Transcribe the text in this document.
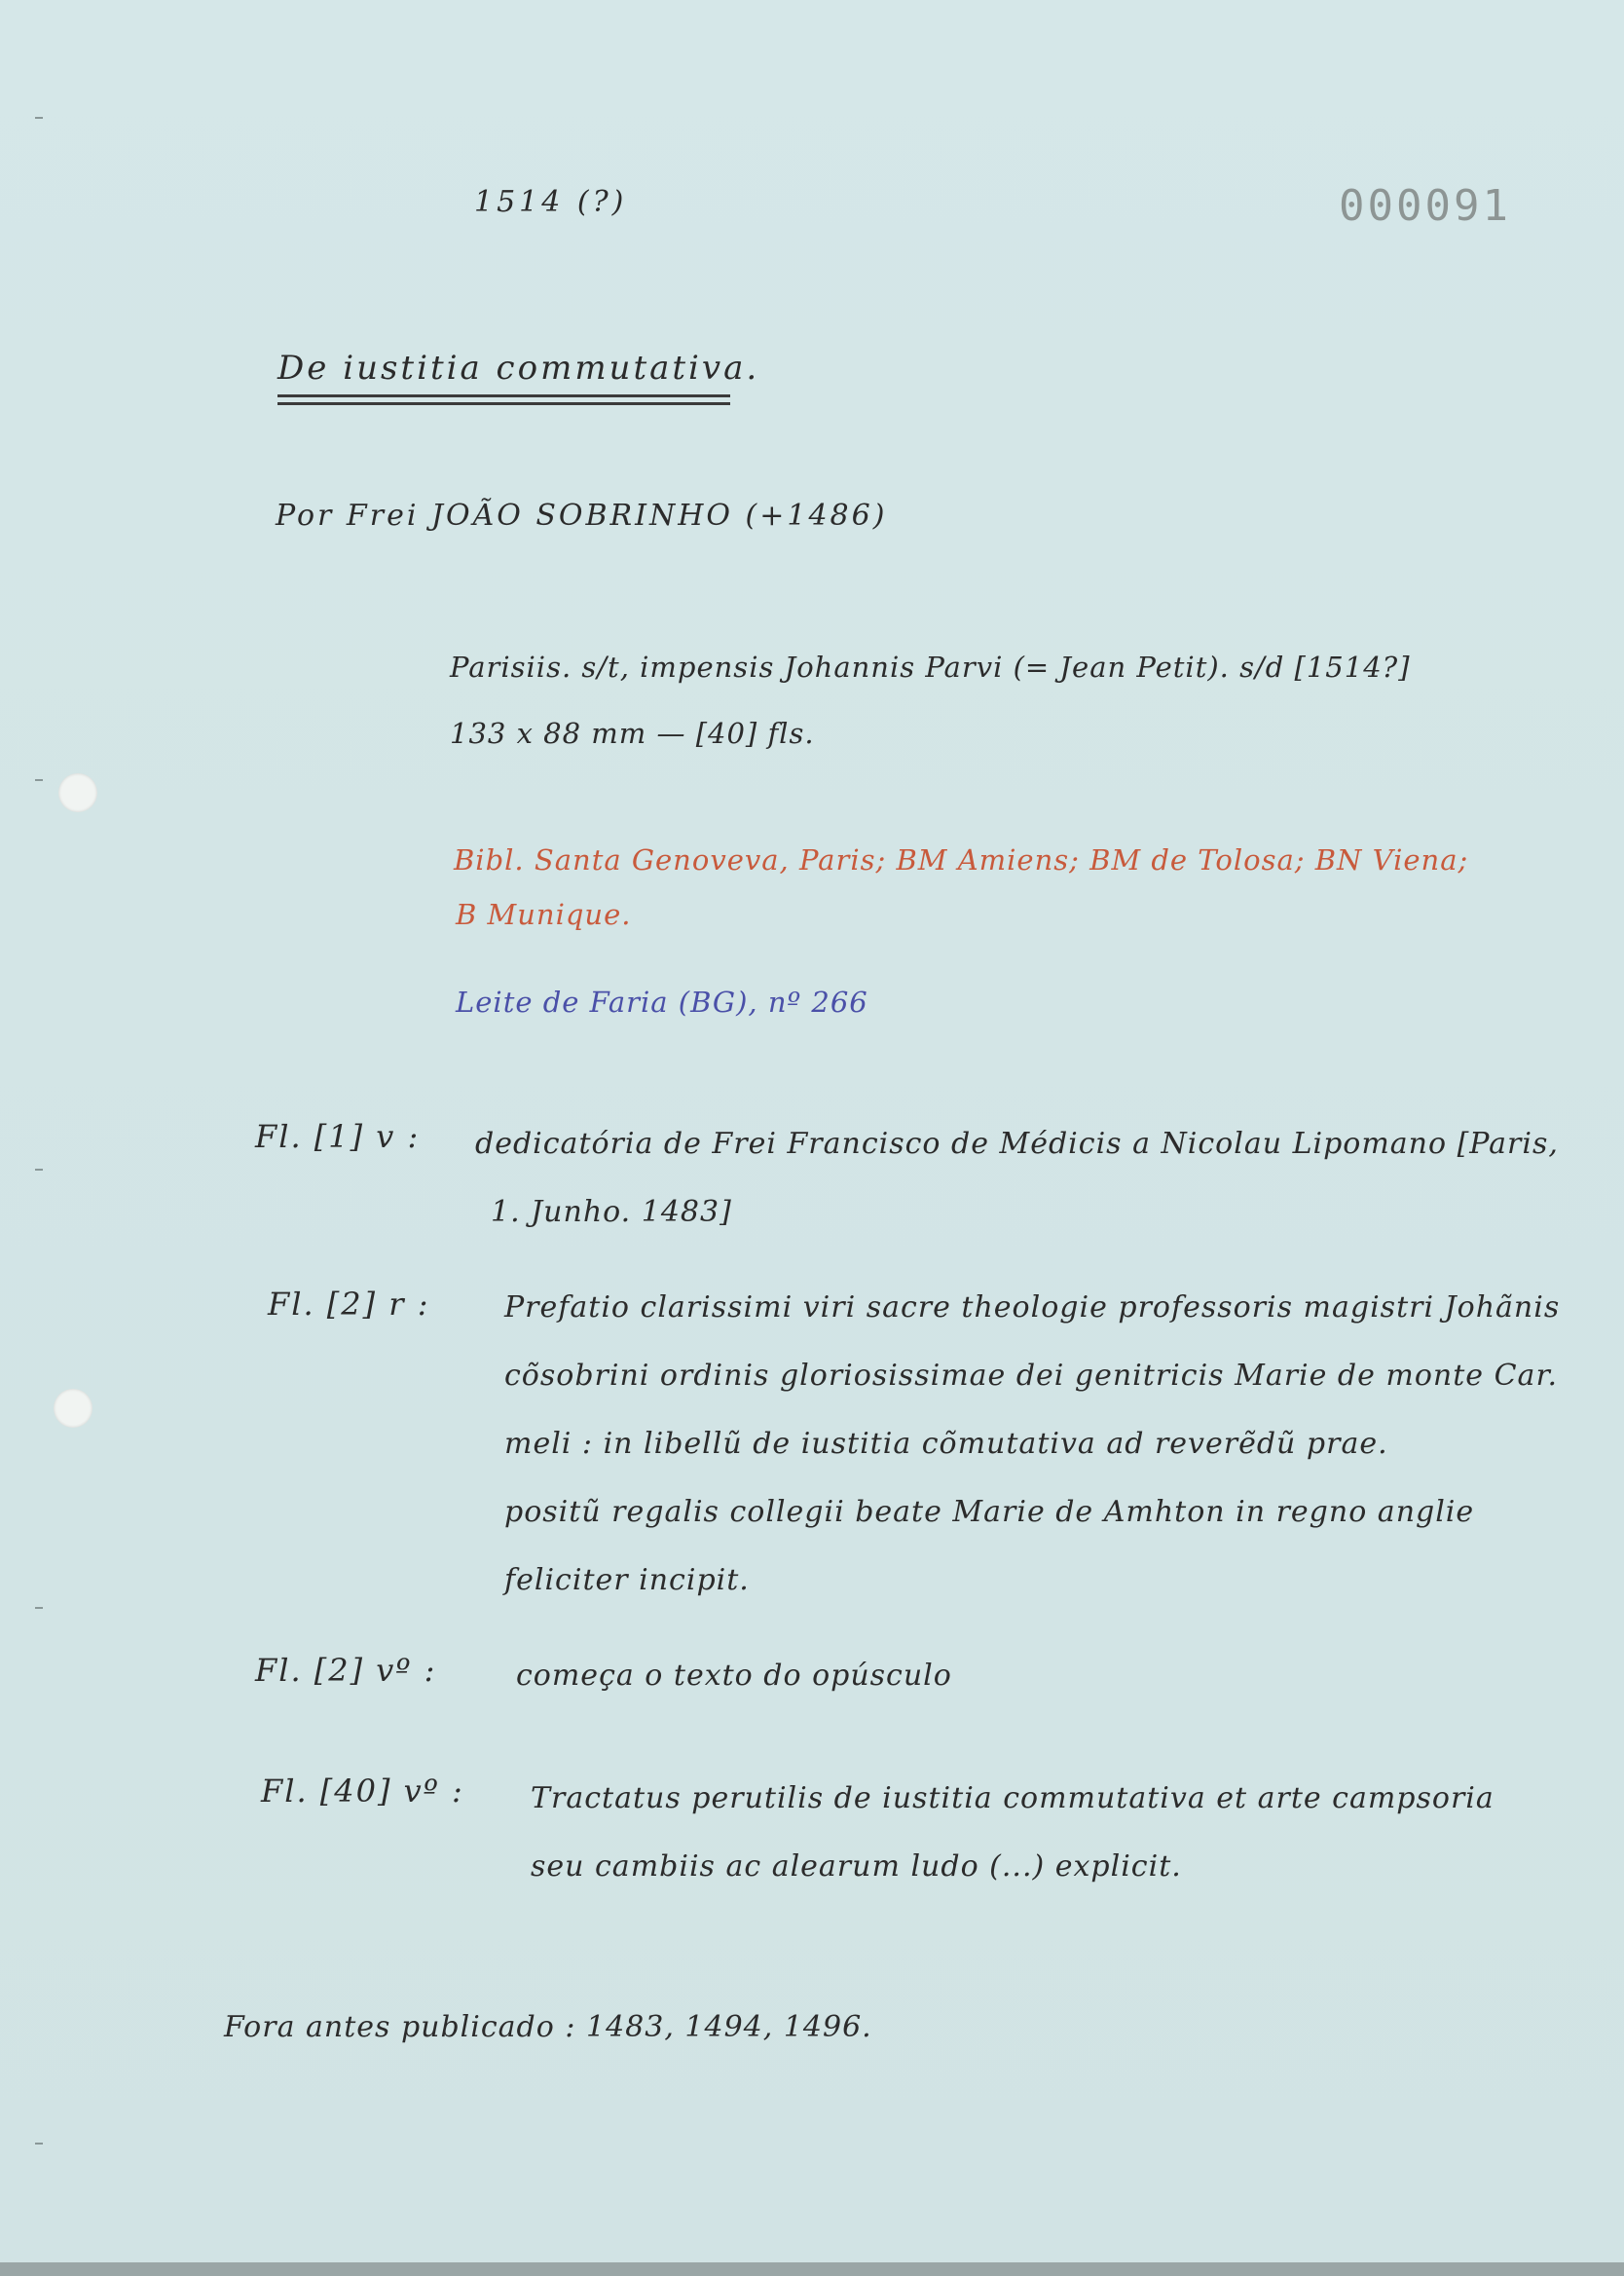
1514 (?)	000091
De iustitia commutativa.
Por Frei JOÃO SOBRINHO (+1486)
Parisiis. s/t, impensis Johannis Parvi (= Jean Petit). s/d [1514?]
133 x 88 mm — [40] fls.
Bibl. Santa Genoveva, Paris; BM Amiens; BM de Tolosa; BN Viena;
B Munique.
Leite de Faria (BG), nº 266
Fl. [1] v : dedicatória de Frei Francisco de Médicis a Nicolau Lipomano [Paris,
1. Junho. 1483]
Fl. [2] r :	Prefatio clarissimi viri sacre theologie professoris magistri Johãnis
cõsobrini ordinis gloriosissimae dei genitricis Marie de monte Car.
meli : in libellũ de iustitia cõmutativa ad reverẽdũ prae.
positũ regalis collegii beate Marie de Amhton in regno anglie
feliciter incipit.
Fl. [2] vº :	começa o texto do opúsculo
Fl. [40] vº : Tractatus perutilis de iustitia commutativa et arte campsoria
seu cambiis ac alearum ludo (...) explicit.
Fora antes publicado : 1483, 1494, 1496.
